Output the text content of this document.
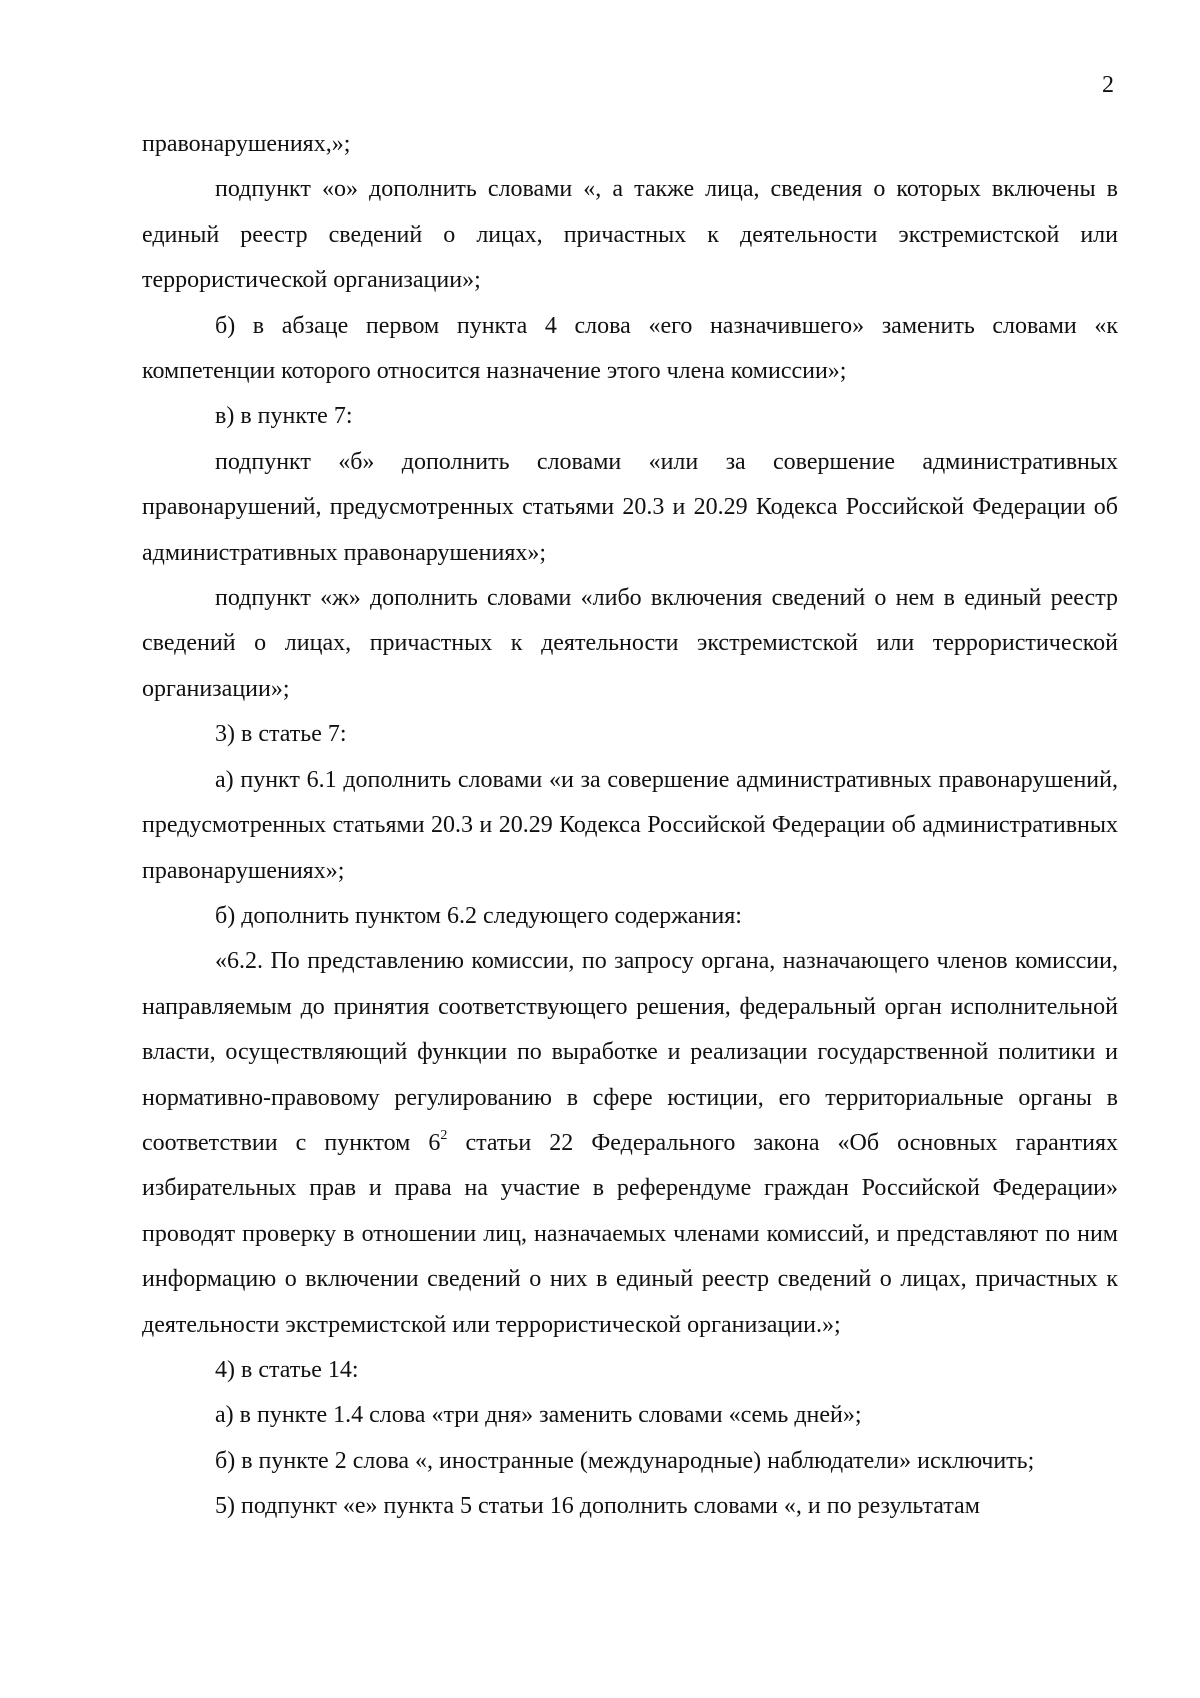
2

правонарушениях,»;

подпункт «о» дополнить словами «, а также лица, сведения о которых включены в единый реестр сведений о лицах, причастных к деятельности экстремистской или террористической организации»;

б) в абзаце первом пункта 4 слова «его назначившего» заменить словами «к компетенции которого относится назначение этого члена комиссии»;

в) в пункте 7:

подпункт «б» дополнить словами «или за совершение административных правонарушений, предусмотренных статьями 20.3 и 20.29 Кодекса Российской Федерации об административных правонарушениях»;

подпункт «ж» дополнить словами «либо включения сведений о нем в единый реестр сведений о лицах, причастных к деятельности экстремистской или террористической организации»;

3) в статье 7:

а) пункт 6.1 дополнить словами «и за совершение административных правонарушений, предусмотренных статьями 20.3 и 20.29 Кодекса Российской Федерации об административных правонарушениях»;

б) дополнить пунктом 6.2 следующего содержания:

«6.2. По представлению комиссии, по запросу органа, назначающего членов комиссии, направляемым до принятия соответствующего решения, федеральный орган исполнительной власти, осуществляющий функции по выработке и реализации государственной политики и нормативно-правовому регулированию в сфере юстиции, его территориальные органы в соответствии с пунктом $6^2$ статьи 22 Федерального закона «Об основных гарантиях избирательных прав и права на участие в референдуме граждан Российской Федерации» проводят проверку в отношении лиц, назначаемых членами комиссий, и представляют по ним информацию о включении сведений о них в единый реестр сведений о лицах, причастных к деятельности экстремистской или террористической организации.»;

4) в статье 14:

а) в пункте 1.4 слова «три дня» заменить словами «семь дней»;

б) в пункте 2 слова «, иностранные (международные) наблюдатели» исключить;

5) подпункт «е» пункта 5 статьи 16 дополнить словами «, и по результатам
